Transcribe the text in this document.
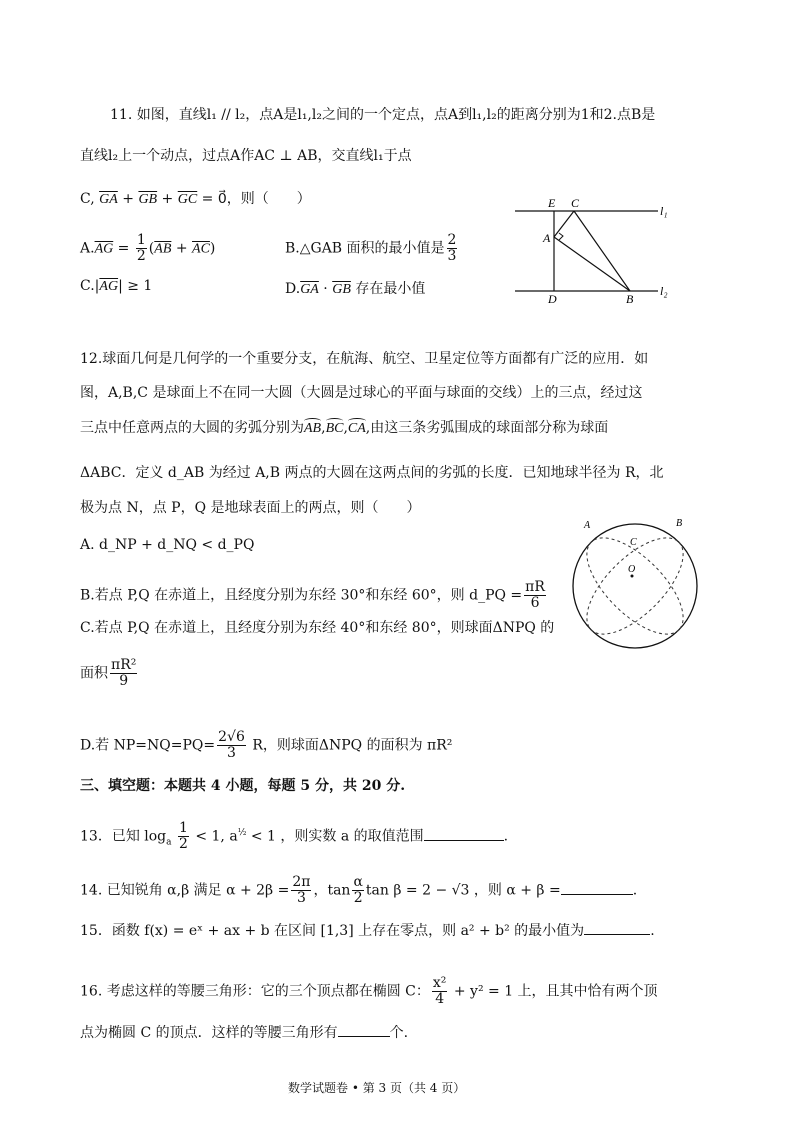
11. 如图，直线l₁ // l₂，点A是l₁,l₂之间的一个定点，点A到l₁,l₂的距离分别为1和2.点B是
直线l₂上一个动点，过点A作AC ⊥ AB，交直线l₁于点
C, $\overline{GA} + \overline{GB} + \overline{GC}$ = 0⃗，则（　　）
$A.\overline{AG} = \frac{1}{2} (\overline{AB} + \overline{AC})$	B.△GAB 面积的最小值是 $\frac{2}{3}$
$C.|\overline{AG}| \ge 1$	$D.\overline{GA} \cdot \overline{GB}$ 存在最小值
E C
A
D	B
l₁
l₂
12.球面几何是几何学的一个重要分支，在航海、航空、卫星定位等方面都有广泛的应用．如
图，A,B,C 是球面上不在同一大圆（大圆是过球心的平面与球面的交线）上的三点，经过这
三点中任意两点的大圆的劣弧分别为AB,BC,CA,由这三条劣弧围成的球面部分称为球面
ΔABC．定义 d_AB 为经过 A,B 两点的大圆在这两点间的劣弧的长度．已知地球半径为 R，北
极为点 N，点 P，Q 是地球表面上的两点，则（　　）
A. d_NP + d_NQ < d_PQ
B.若点 P,Q 在赤道上，且经度分别为东经 30°和东经 60°，则 d_PQ = $\frac{\pi R}{6}$
C.若点 P,Q 在赤道上，且经度分别为东经 40°和东经 80°，则球面ΔNPQ 的
面积 $\frac{\text{πR²}}{9}$
D.若 $NP=NQ=PQ= \frac{2√6}{3}$ R，则球面ΔNPQ 的面积为 πR²
A	B
C
O
三、填空题：本题共 4 小题，每题 5 分，共 20 分.
13．已知 $\log_a \frac{1}{2} < 1$, $a^{\frac{1}{2}} < 1$ ，则实数 a 的取值范围	.
14. 已知锐角 α,β 满足 $\alpha + 2\beta = \frac{2\pi}{3}$ ，$\tan \frac{\alpha}{2}$ tan β = 2 − √3 ，则 α + β =	.
15．函数 f(x) = eˣ + ax + b 在区间 [1,3] 上存在零点，则 a² + b² 的最小值为	.
16. 考虑这样的等腰三角形：它的三个顶点都在椭圆 C： $\frac{\text{x²}}{4} + y^2 = 1$ 上，且其中恰有两个顶
点为椭圆 C 的顶点．这样的等腰三角形有	个.
数学试题卷 • 第 3 页（共 4 页）
